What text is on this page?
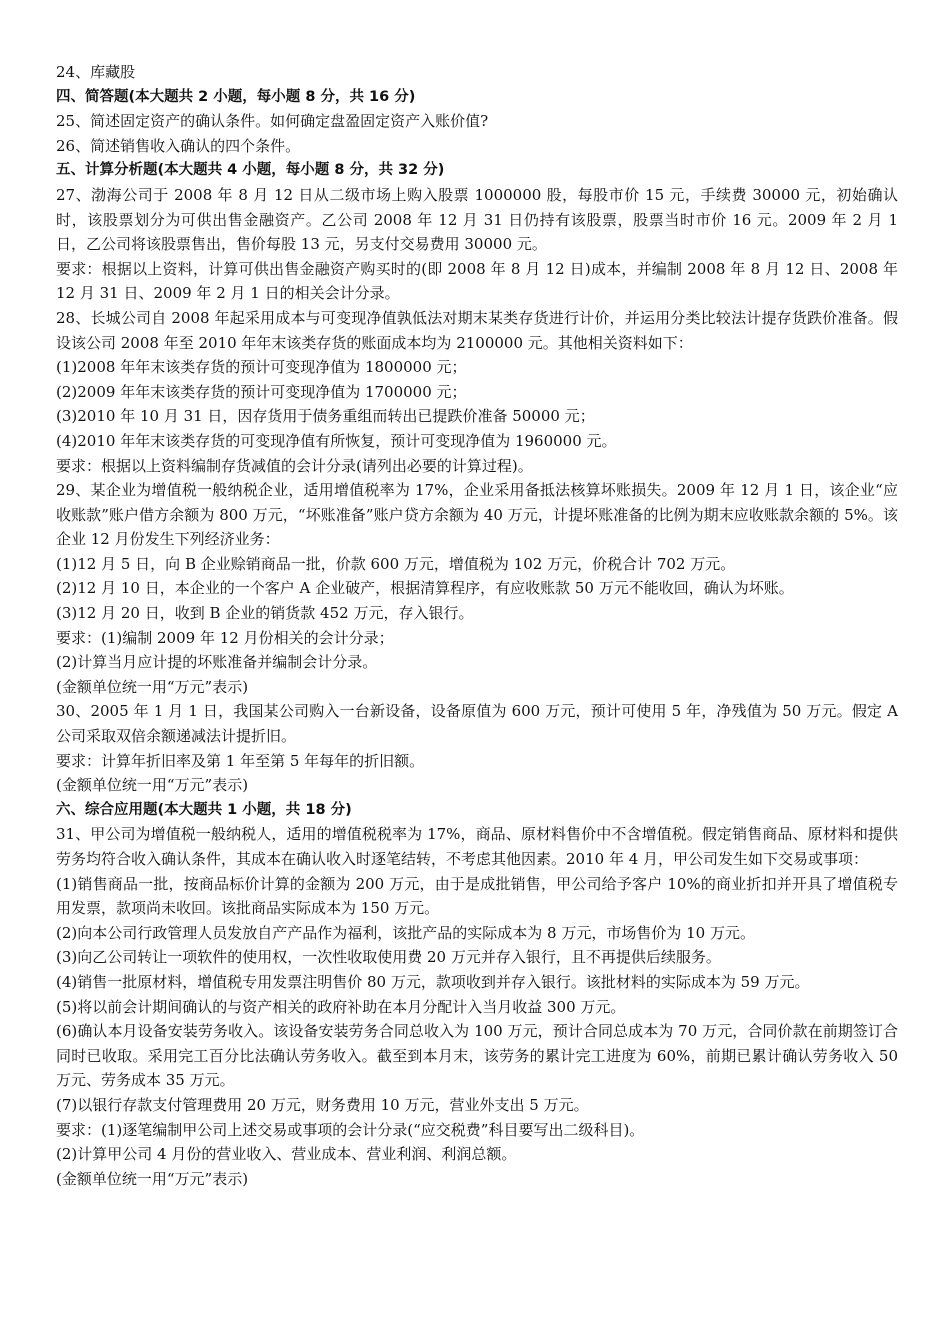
24、库藏股

四、简答题(本大题共 2 小题，每小题 8 分，共 16 分)

25、简述固定资产的确认条件。如何确定盘盈固定资产入账价值?

26、简述销售收入确认的四个条件。

五、计算分析题(本大题共 4 小题，每小题 8 分，共 32 分)

27、渤海公司于 2008 年 8 月 12 日从二级市场上购入股票 1000000 股，每股市价 15 元，手续费 30000 元，初始确认时，该股票划分为可供出售金融资产。乙公司 2008 年 12 月 31 日仍持有该股票，股票当时市价 16 元。2009 年 2 月 1 日，乙公司将该股票售出，售价每股 13 元，另支付交易费用 30000 元。

要求：根据以上资料，计算可供出售金融资产购买时的(即 2008 年 8 月 12 日)成本，并编制 2008 年 8 月 12 日、2008 年 12 月 31 日、2009 年 2 月 1 日的相关会计分录。

28、长城公司自 2008 年起采用成本与可变现净值孰低法对期末某类存货进行计价，并运用分类比较法计提存货跌价准备。假设该公司 2008 年至 2010 年年末该类存货的账面成本均为 2100000 元。其他相关资料如下：

(1)2008 年年末该类存货的预计可变现净值为 1800000 元；

(2)2009 年年末该类存货的预计可变现净值为 1700000 元；

(3)2010 年 10 月 31 日，因存货用于债务重组而转出已提跌价准备 50000 元；

(4)2010 年年末该类存货的可变现净值有所恢复，预计可变现净值为 1960000 元。

要求：根据以上资料编制存货减值的会计分录(请列出必要的计算过程)。

29、某企业为增值税一般纳税企业，适用增值税率为 17%，企业采用备抵法核算坏账损失。2009 年 12 月 1 日，该企业“应收账款”账户借方余额为 800 万元，“坏账准备”账户贷方余额为 40 万元，计提坏账准备的比例为期末应收账款余额的 5%。该企业 12 月份发生下列经济业务：

(1)12 月 5 日，向 B 企业赊销商品一批，价款 600 万元，增值税为 102 万元，价税合计 702 万元。

(2)12 月 10 日，本企业的一个客户 A 企业破产，根据清算程序，有应收账款 50 万元不能收回，确认为坏账。

(3)12 月 20 日，收到 B 企业的销货款 452 万元，存入银行。

要求：(1)编制 2009 年 12 月份相关的会计分录；

(2)计算当月应计提的坏账准备并编制会计分录。

(金额单位统一用“万元”表示)

30、2005 年 1 月 1 日，我国某公司购入一台新设备，设备原值为 600 万元，预计可使用 5 年，净残值为 50 万元。假定 A 公司采取双倍余额递减法计提折旧。

要求：计算年折旧率及第 1 年至第 5 年每年的折旧额。

(金额单位统一用“万元”表示)

六、综合应用题(本大题共 1 小题，共 18 分)

31、甲公司为增值税一般纳税人，适用的增值税税率为 17%，商品、原材料售价中不含增值税。假定销售商品、原材料和提供劳务均符合收入确认条件，其成本在确认收入时逐笔结转，不考虑其他因素。2010 年 4 月，甲公司发生如下交易或事项：

(1)销售商品一批，按商品标价计算的金额为 200 万元，由于是成批销售，甲公司给予客户 10%的商业折扣并开具了增值税专用发票，款项尚未收回。该批商品实际成本为 150 万元。

(2)向本公司行政管理人员发放自产产品作为福利，该批产品的实际成本为 8 万元，市场售价为 10 万元。

(3)向乙公司转让一项软件的使用权，一次性收取使用费 20 万元并存入银行，且不再提供后续服务。

(4)销售一批原材料，增值税专用发票注明售价 80 万元，款项收到并存入银行。该批材料的实际成本为 59 万元。

(5)将以前会计期间确认的与资产相关的政府补助在本月分配计入当月收益 300 万元。

(6)确认本月设备安装劳务收入。该设备安装劳务合同总收入为 100 万元，预计合同总成本为 70 万元，合同价款在前期签订合同时已收取。采用完工百分比法确认劳务收入。截至到本月末，该劳务的累计完工进度为 60%，前期已累计确认劳务收入 50 万元、劳务成本 35 万元。

(7)以银行存款支付管理费用 20 万元，财务费用 10 万元，营业外支出 5 万元。

要求：(1)逐笔编制甲公司上述交易或事项的会计分录(“应交税费”科目要写出二级科目)。

(2)计算甲公司 4 月份的营业收入、营业成本、营业利润、利润总额。

(金额单位统一用“万元”表示)
